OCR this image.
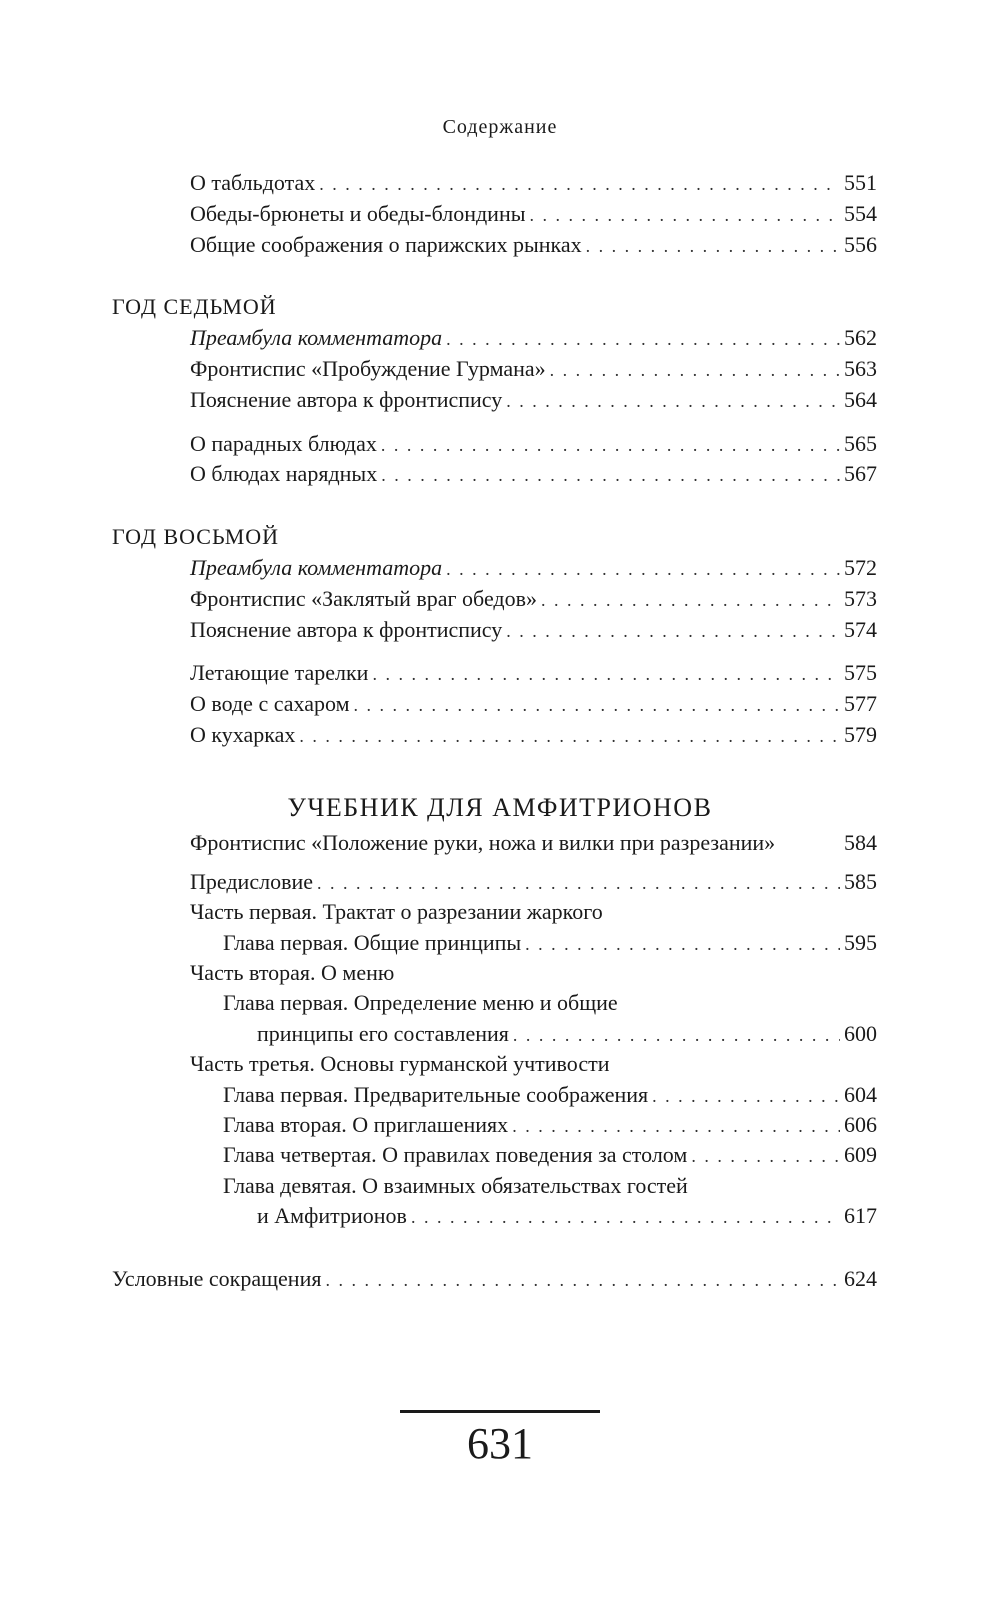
Содержание
О табльдотах . . .	551
Обеды-брюнеты и обеды-блондины . . .	554
Общие соображения о парижских рынках . . .	556
ГОД СЕДЬМОЙ
Преамбула комментатора . . .	562
Фронтиспис «Пробуждение Гурмана» . . .	563
Пояснение автора к фронтиспису . . .	564
О парадных блюдах . . .	565
О блюдах нарядных . . .	567
ГОД ВОСЬМОЙ
Преамбула комментатора . . .	572
Фронтиспис «Заклятый враг обедов» . . .	573
Пояснение автора к фронтиспису . . .	574
Летающие тарелки . . .	575
О воде с сахаром . . .	577
О кухарках . . .	579
УЧЕБНИК ДЛЯ АМФИТРИОНОВ
Фронтиспис «Положение руки, ножа и вилки при разрезании»	584
Предисловие . . .	585
Часть первая. Трактат о разрезании жаркого
Глава первая. Общие принципы . . .	595
Часть вторая. О меню
Глава первая. Определение меню и общие
принципы его составления . . .	600
Часть третья. Основы гурманской учтивости
Глава первая. Предварительные соображения . . .	604
Глава вторая. О приглашениях . . .	606
Глава четвертая. О правилах поведения за столом . . .	609
Глава девятая. О взаимных обязательствах гостей
и Амфитрионов . . .	617
Условные сокращения . . .	624
631
